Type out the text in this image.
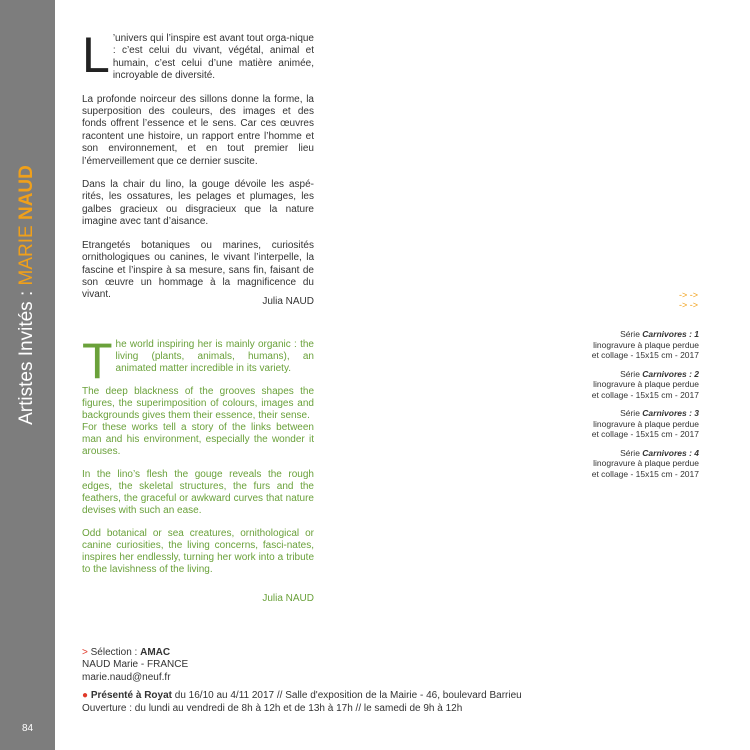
Artistes Invités : MARIE NAUD
84

L ’univers qui l’inspire est avant tout orga-nique : c’est celui du vivant, végétal, animal et humain, c’est celui d’une matière animée, incroyable de diversité.

La profonde noirceur des sillons donne la forme, la superposition des couleurs, des images et des fonds offrent l’essence et le sens. Car ces œuvres racontent une histoire, un rapport entre l’homme et son environnement, et en tout premier lieu l’émerveillement que ce dernier suscite.

Dans la chair du lino, la gouge dévoile les aspé-rités, les ossatures, les pelages et plumages, les galbes gracieux ou disgracieux que la nature imagine avec tant d’aisance.

Etrangetés botaniques ou marines, curiosités ornithologiques ou canines, le vivant l’interpelle, la fascine et l’inspire à sa mesure, sans fin, faisant de son œuvre un hommage à la magnificence du vivant.

Julia NAUD

The world inspiring her is mainly organic : the living (plants, animals, humans), an animated matter incredible in its variety.

The deep blackness of the grooves shapes the figures, the superimposition of colours, images and backgrounds gives them their essence, their sense.

For these works tell a story of the links between man and his environment, especially the wonder it arouses.

In the lino’s flesh the gouge reveals the rough edges, the skeletal structures, the furs and the feathers, the graceful or awkward curves that nature devises with such an ease.

Odd botanical or sea creatures, ornithological or canine curiosities, the living concerns, fasci-nates, inspires her endlessly, turning her work into a tribute to the lavishness of the living.

Julia NAUD

-> ->
-> ->
Série Carnivores : 1
linogravure à plaque perdue
et collage - 15x15 cm - 2017
Série Carnivores : 2
linogravure à plaque perdue
et collage - 15x15 cm - 2017
Série Carnivores : 3
linogravure à plaque perdue
et collage - 15x15 cm - 2017
Série Carnivores : 4
linogravure à plaque perdue
et collage - 15x15 cm - 2017
> Sélection : AMAC
NAUD Marie - FRANCE
marie.naud@neuf.fr
● Présenté à Royat du 16/10 au 4/11 2017 // Salle d'exposition de la Mairie - 46, boulevard Barrieu
Ouverture : du lundi au vendredi de 8h à 12h et de 13h à 17h // le samedi de 9h à 12h
